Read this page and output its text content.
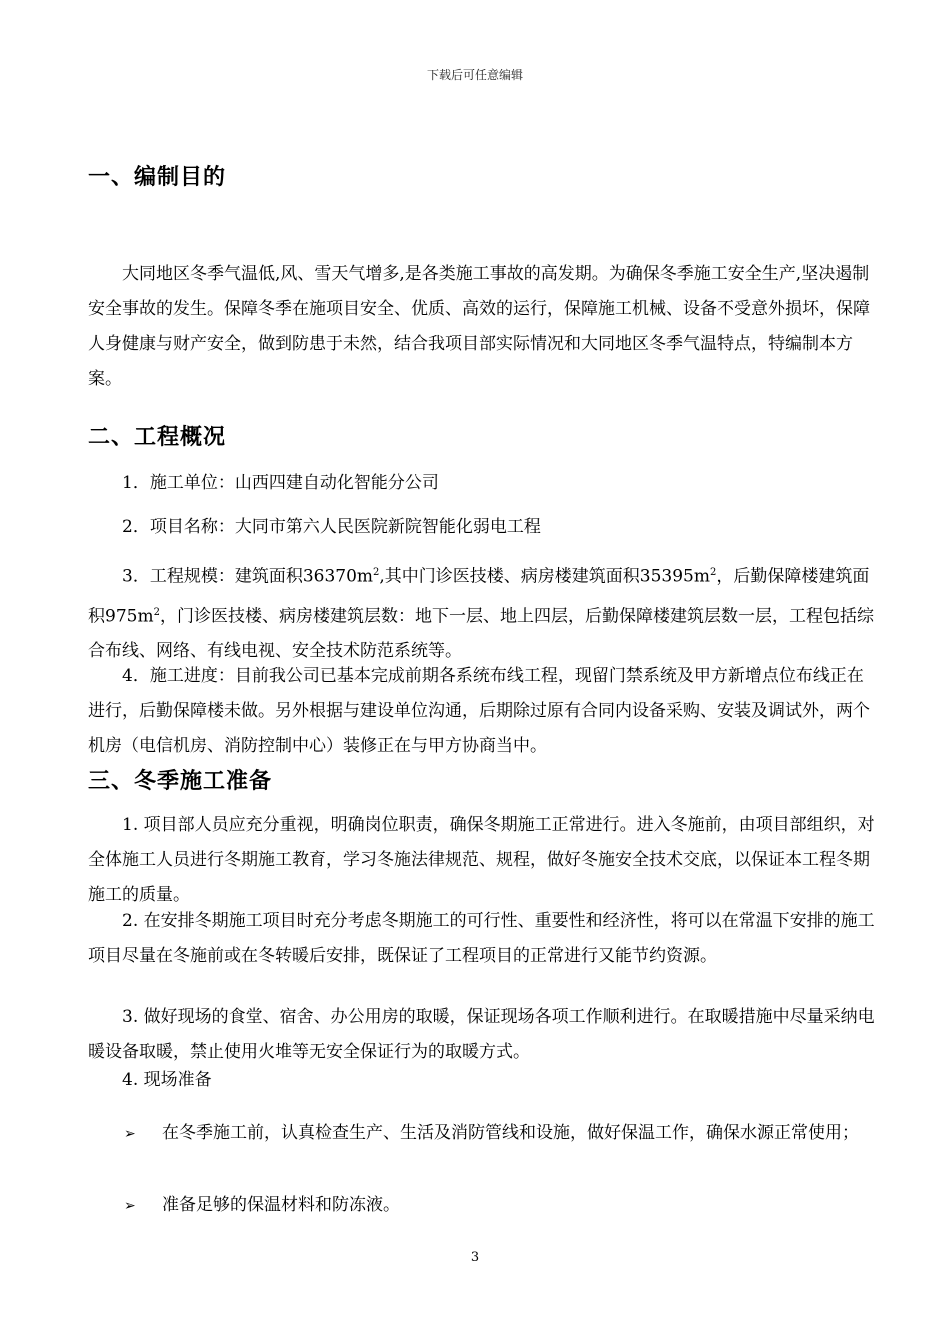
下载后可任意编辑
一、编制目的

大同地区冬季气温低,风、雪天气增多,是各类施工事故的高发期。为确保冬季施工安全生产,坚决遏制安全事故的发生。保障冬季在施项目安全、优质、高效的运行，保障施工机械、设备不受意外损坏，保障人身健康与财产安全，做到防患于未然，结合我项目部实际情况和大同地区冬季气温特点，特编制本方案。

二、工程概况

1．施工单位：山西四建自动化智能分公司

2．项目名称：大同市第六人民医院新院智能化弱电工程

3．工程规模：建筑面积$36370m^2$,其中门诊医技楼、病房楼建筑面积$35395m^2$，后勤保障楼建筑面积$975m^2$，门诊医技楼、病房楼建筑层数：地下一层、地上四层，后勤保障楼建筑层数一层，工程包括综合布线、网络、有线电视、安全技术防范系统等。

4．施工进度：目前我公司已基本完成前期各系统布线工程，现留门禁系统及甲方新增点位布线正在进行，后勤保障楼未做。另外根据与建设单位沟通，后期除过原有合同内设备采购、安装及调试外，两个机房（电信机房、消防控制中心）装修正在与甲方协商当中。

三、冬季施工准备

1. 项目部人员应充分重视，明确岗位职责，确保冬期施工正常进行。进入冬施前，由项目部组织，对全体施工人员进行冬期施工教育，学习冬施法律规范、规程，做好冬施安全技术交底，以保证本工程冬期施工的质量。

2. 在安排冬期施工项目时充分考虑冬期施工的可行性、重要性和经济性，将可以在常温下安排的施工项目尽量在冬施前或在冬转暖后安排，既保证了工程项目的正常进行又能节约资源。

3. 做好现场的食堂、宿舍、办公用房的取暖，保证现场各项工作顺利进行。在取暖措施中尽量采纳电暖设备取暖，禁止使用火堆等无安全保证行为的取暖方式。

4. 现场准备

➢ 在冬季施工前，认真检查生产、生活及消防管线和设施，做好保温工作，确保水源正常使用；

➢ 准备足够的保温材料和防冻液。

3
